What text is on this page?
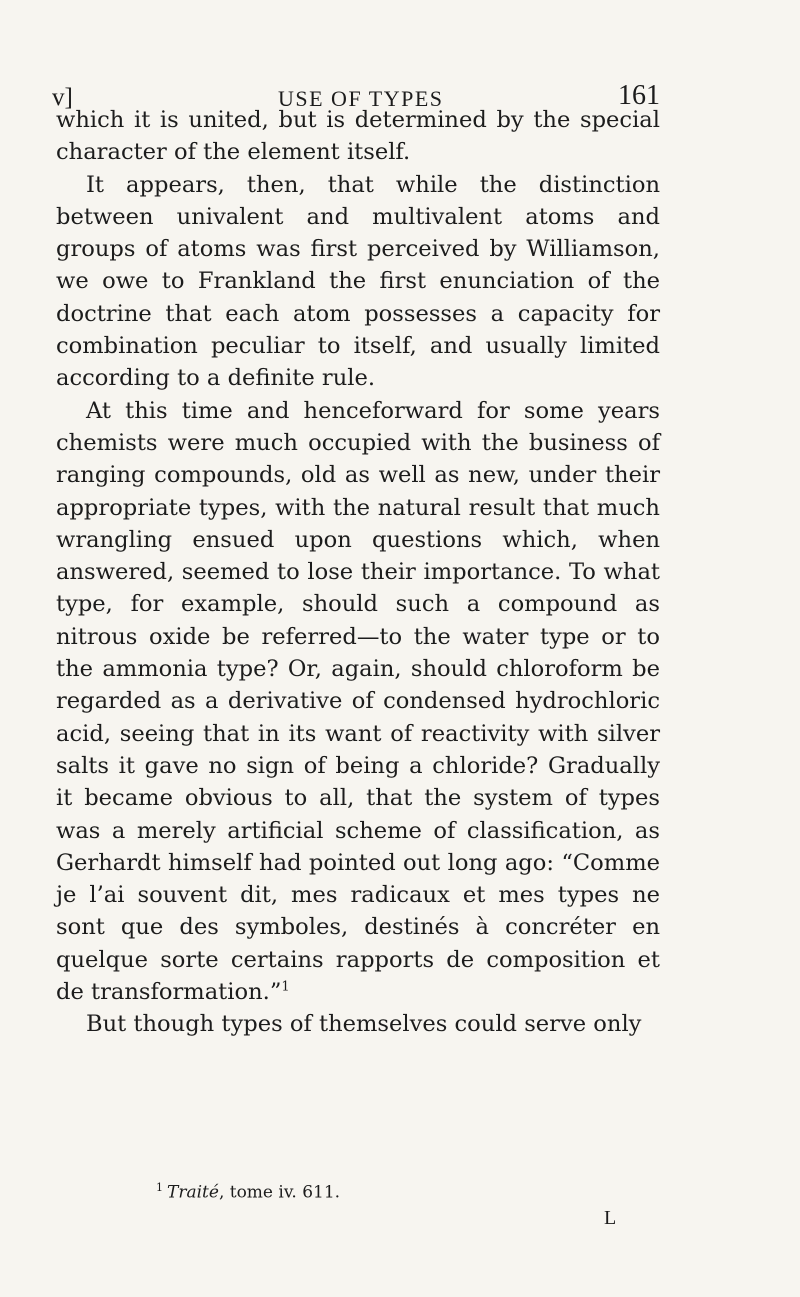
v]	USE OF TYPES	161

which it is united, but is determined by the special character of the element itself.

It appears, then, that while the distinction between univalent and multivalent atoms and groups of atoms was first perceived by Williamson, we owe to Frankland the first enunciation of the doctrine that each atom possesses a capacity for combination peculiar to itself, and usually limited according to a definite rule.

At this time and henceforward for some years chemists were much occupied with the business of ranging compounds, old as well as new, under their appropriate types, with the natural result that much wrangling ensued upon questions which, when answered, seemed to lose their importance. To what type, for example, should such a compound as nitrous oxide be referred—to the water type or to the ammonia type? Or, again, should chloroform be regarded as a derivative of condensed hydrochloric acid, seeing that in its want of reactivity with silver salts it gave no sign of being a chloride? Gradually it became obvious to all, that the system of types was a merely artificial scheme of classification, as Gerhardt himself had pointed out long ago: “Comme je l’ai souvent dit, mes radicaux et mes types ne sont que des symboles, destinés à concréter en quelque sorte certains rapports de composition et de transformation.”$^1$

But though types of themselves could serve only

$^1$ Traité, tome iv. 611.
L
